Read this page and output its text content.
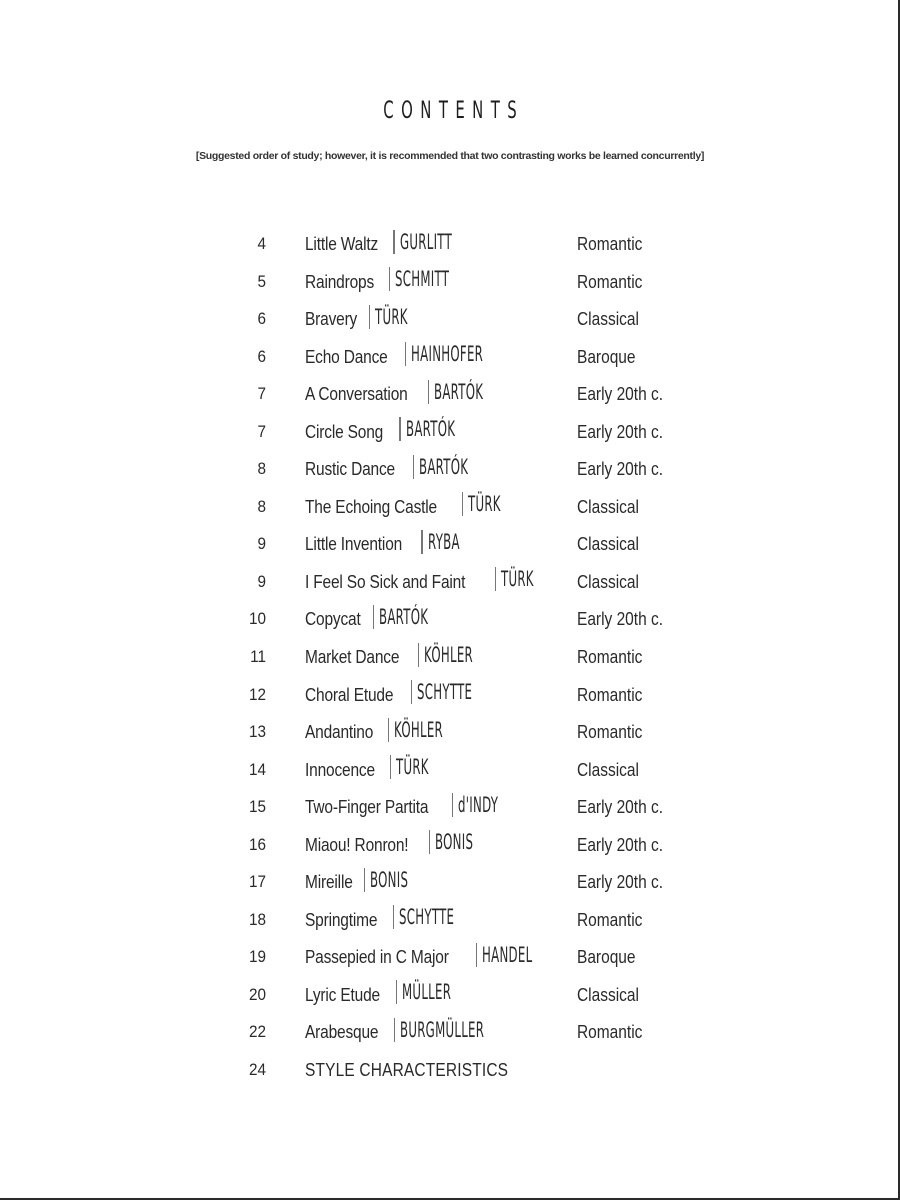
CONTENTS

[Suggested order of study; however, it is recommended that two contrasting works be learned concurrently]

4 Little Waltz GURLITT	Romantic
5 Raindrops SCHMITT	Romantic
6 Bravery TÜRK	Classical
6 Echo Dance HAINHOFER	Baroque
7 A Conversation BARTÓK	Early 20th c.
7 Circle Song BARTÓK	Early 20th c.
8 Rustic Dance BARTÓK	Early 20th c.
8 The Echoing Castle TÜRK	Classical
9 Little Invention RYBA	Classical
9 I Feel So Sick and Faint TÜRK Classical
10 Copycat BARTÓK	Early 20th c.
11 Market Dance KÖHLER	Romantic
12 Choral Etude SCHYTTE	Romantic
13 Andantino KÖHLER	Romantic
14 Innocence TÜRK	Classical
15 Two-Finger Partita d'INDY	Early 20th c.
16 Miaou! Ronron! BONIS	Early 20th c.
17 Mireille BONIS	Early 20th c.
18 Springtime SCHYTTE	Romantic
19 Passepied in C Major HANDEL Baroque
20 Lyric Etude MÜLLER	Classical
22 Arabesque BURGMÜLLER	Romantic
24 STYLE CHARACTERISTICS
